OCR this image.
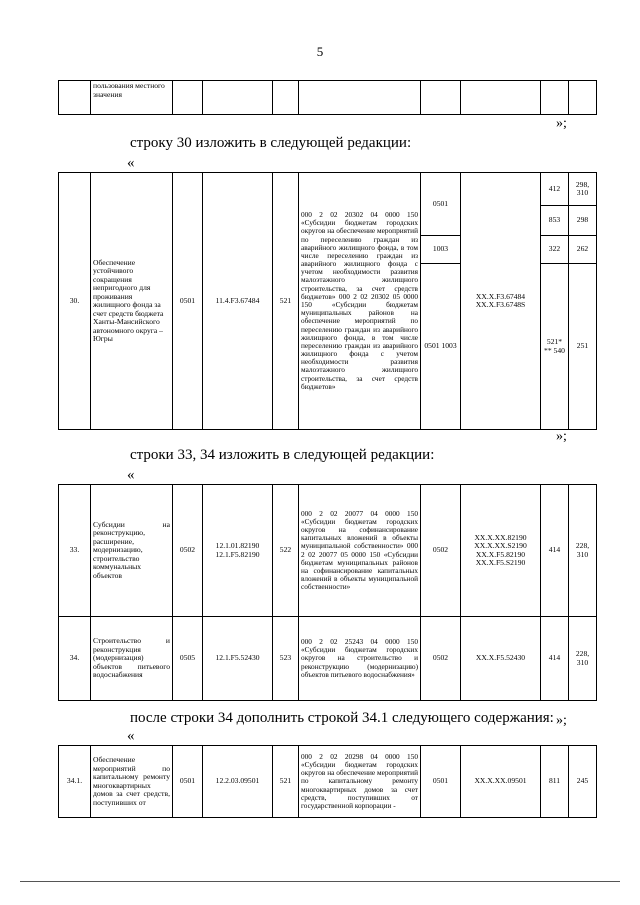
5
	пользования местного значения								
»;
строку 30 изложить в следующей редакции:
«
30.	Обеспечение устойчивого сокращения непригодного для проживания жилищного фонда за счет средств бюджета Ханты-Мансийского автономного округа – Югры	0501	11.4.F3.67484	521	000 2 02 20302 04 0000 150 «Субсидии бюджетам городских округов на обеспечение мероприятий по переселению граждан из аварийного жилищного фонда, в том числе переселению граждан из аварийного жилищного фонда с учетом необходимости развития малоэтажного жилищного строительства, за счет средств бюджетов» 000 2 02 20302 05 0000 150 «Субсидии бюджетам муниципальных районов на обеспечение мероприятий по переселению граждан из аварийного жилищного фонда, в том числе переселению граждан из аварийного жилищного фонда с учетом необходимости развития малоэтажного жилищного строительства, за счет средств бюджетов»	0501	ХХ.Х.F3.67484 ХХ.Х.F3.6748S	412	298, 310
								853	298
						1003		322	262
						0501 1003		521* ** 540	251
»;
строки 33, 34 изложить в следующей редакции:
«
33.	Субсидии на реконструкцию, расширение, модернизацию, строительство коммунальных объектов	0502	12.1.01.82190 12.1.F5.82190	522	000 2 02 20077 04 0000 150 «Субсидии бюджетам городских округов на софинансирование капитальных вложений в объекты муниципальной собственности» 000 2 02 20077 05 0000 150 «Субсидии бюджетам муниципальных районов на софинансирование капитальных вложений в объекты муниципальной собственности»	0502	ХХ.Х.ХХ.82190 ХХ.Х.ХХ.S2190 ХХ.Х.F5.82190 ХХ.Х.F5.S2190	414	228, 310
34.	Строительство и реконструкция (модернизация) объектов питьевого водоснабжения	0505	12.1.F5.52430	523	000 2 02 25243 04 0000 150 «Субсидии бюджетам городских округов на строительство и реконструкцию (модернизацию) объектов питьевого водоснабжения»	0502	ХХ.Х.F5.52430	414	228, 310
»;
после строки 34 дополнить строкой 34.1 следующего содержания:
«
34.1.	Обеспечение мероприятий по капитальному ремонту многоквартирных домов за счет средств, поступивших от	0501	12.2.03.09501	521	000 2 02 20298 04 0000 150 «Субсидии бюджетам городских округов на обеспечение мероприятий по капитальному ремонту многоквартирных домов за счет средств, поступивших от государственной корпорации -	0501	ХХ.Х.ХХ.09501	811	245
